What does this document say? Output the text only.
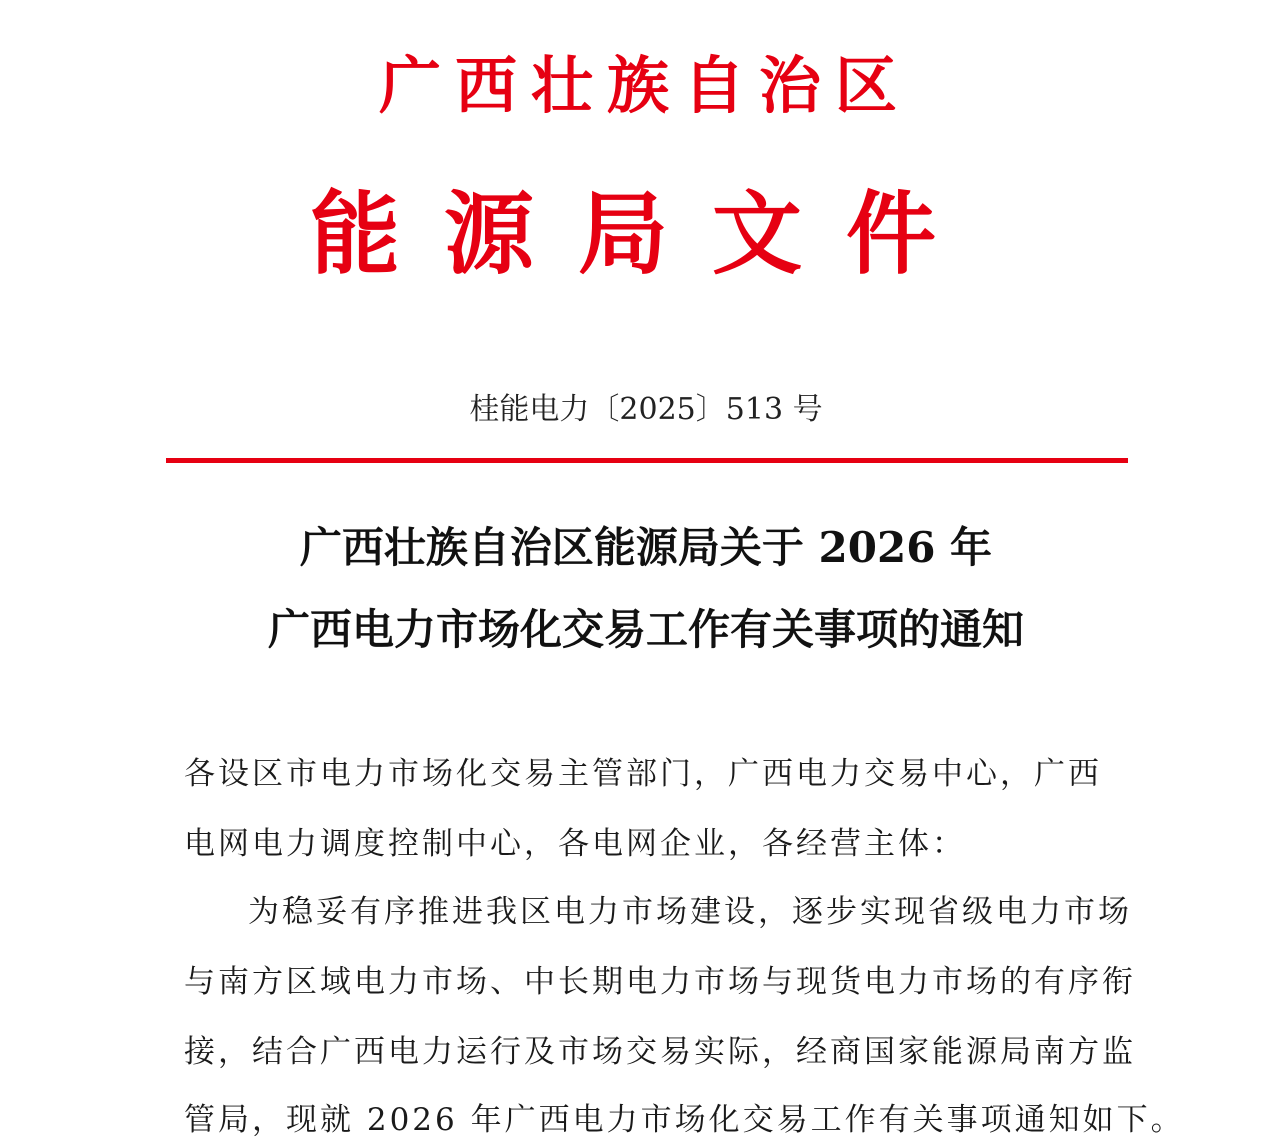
广西壮族自治区
能源局文件
桂能电力〔2025〕513 号
广西壮族自治区能源局关于 2026 年
广西电力市场化交易工作有关事项的通知
各设区市电力市场化交易主管部门，广西电力交易中心，广西
电网电力调度控制中心，各电网企业，各经营主体：
为稳妥有序推进我区电力市场建设，逐步实现省级电力市场
与南方区域电力市场、中长期电力市场与现货电力市场的有序衔
接，结合广西电力运行及市场交易实际，经商国家能源局南方监
管局，现就 2026 年广西电力市场化交易工作有关事项通知如下。
